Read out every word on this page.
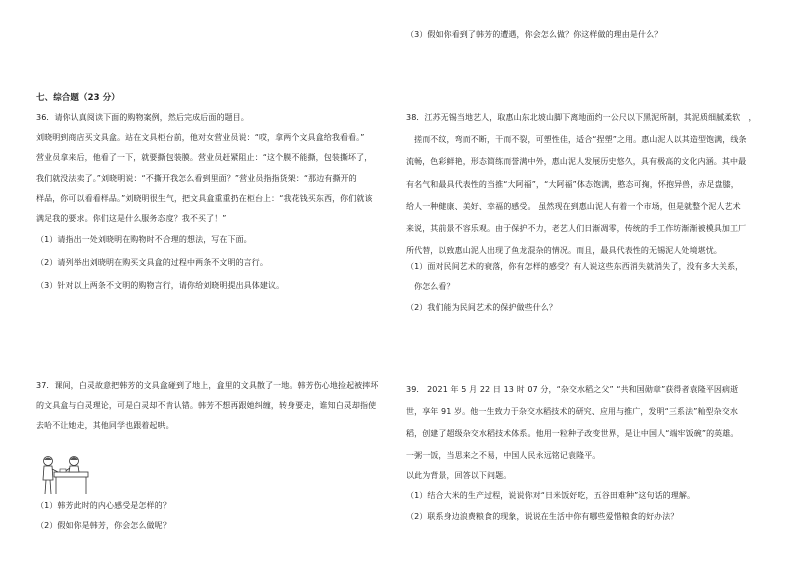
（3）假如你看到了韩芳的遭遇，你会怎么做？你这样做的理由是什么？
七、综合题（23 分）
36．请你认真阅读下面的购物案例，然后完成后面的题目。
刘晓明到商店买文具盒。站在文具柜台前，他对女营业员说：“哎，拿两个文具盒给我看看。”
营业员拿来后，他看了一下，就要撕包装膜。营业员赶紧阻止：“这个膜不能撕，包装撕坏了，
我们就没法卖了。”刘晓明说：“不撕开我怎么看到里面？”营业员指指货架：“那边有撕开的
样品，你可以看看样品。”刘晓明很生气，把文具盒重重扔在柜台上：“我花钱买东西，你们就该
满足我的要求。你们这是什么服务态度？我不买了！”
（1）请指出一处刘晓明在购物时不合理的想法，写在下面。
（2）请列举出刘晓明在购买文具盒的过程中两条不文明的言行。
（3）针对以上两条不文明的购物言行，请你给刘晓明提出具体建议。
37．课间，白灵故意把韩芳的文具盒碰到了地上，盒里的文具散了一地。韩芳伤心地捡起被摔坏
的文具盒与白灵理论，可是白灵却不肯认错。韩芳不想再跟她纠缠，转身要走，谁知白灵却指使
去哈不让她走，其他同学也跟着起哄。
（1）韩芳此时的内心感受是怎样的？
（2）假如你是韩芳，你会怎么做呢？
38．江苏无锡当地艺人，取惠山东北坡山脚下离地面约一公尺以下黑泥所制，其泥质细腻柔软　，
　搓而不纹，弯而不断，干而不裂，可塑性佳，适合“捏塑”之用。惠山泥人以其造型饱满，线条
流畅，色彩鲜艳，形态简练而誉满中外，惠山泥人发展历史悠久，具有极高的文化内涵。其中最
有名气和最具代表性的当推“大阿福”，“大阿福”体态饱满，憨态可掬，怀抱异兽，赤足盘膝，
给人一种健康、美好、幸福的感受。 虽然现在到惠山泥人有着一个市场，但是就整个泥人艺术
来说，其前景不容乐观。由于保护不力，老艺人们日渐凋零，传统的手工作坊渐渐被模具加工厂
所代替，以致惠山泥人出现了鱼龙混杂的情况。而且，最具代表性的无锡泥人处境堪忧。
（1）面对民间艺术的衰落，你有怎样的感受？有人说这些东西消失就消失了，没有多大关系，
　你怎么看？
（2）我们能为民间艺术的保护做些什么？
39． 2021 年 5 月 22 日 13 时 07 分，“杂交水稻之父” “共和国勋章”获得者袁隆平因病逝
世，享年 91 岁。他一生致力于杂交水稻技术的研究、应用与推广，发明“三系法”籼型杂交水
稻，创建了超级杂交水稻技术体系。他用一粒种子改变世界，是让中国人“端牢饭碗”的英雄。
一粥一饭，当思来之不易，中国人民永远铭记袁隆平。
以此为背景，回答以下问题。
（1）结合大米的生产过程，说说你对“日米饭好吃，五谷田难种”这句话的理解。
（2）联系身边浪费粮食的现象，说说在生活中你有哪些爱惜粮食的好办法？
